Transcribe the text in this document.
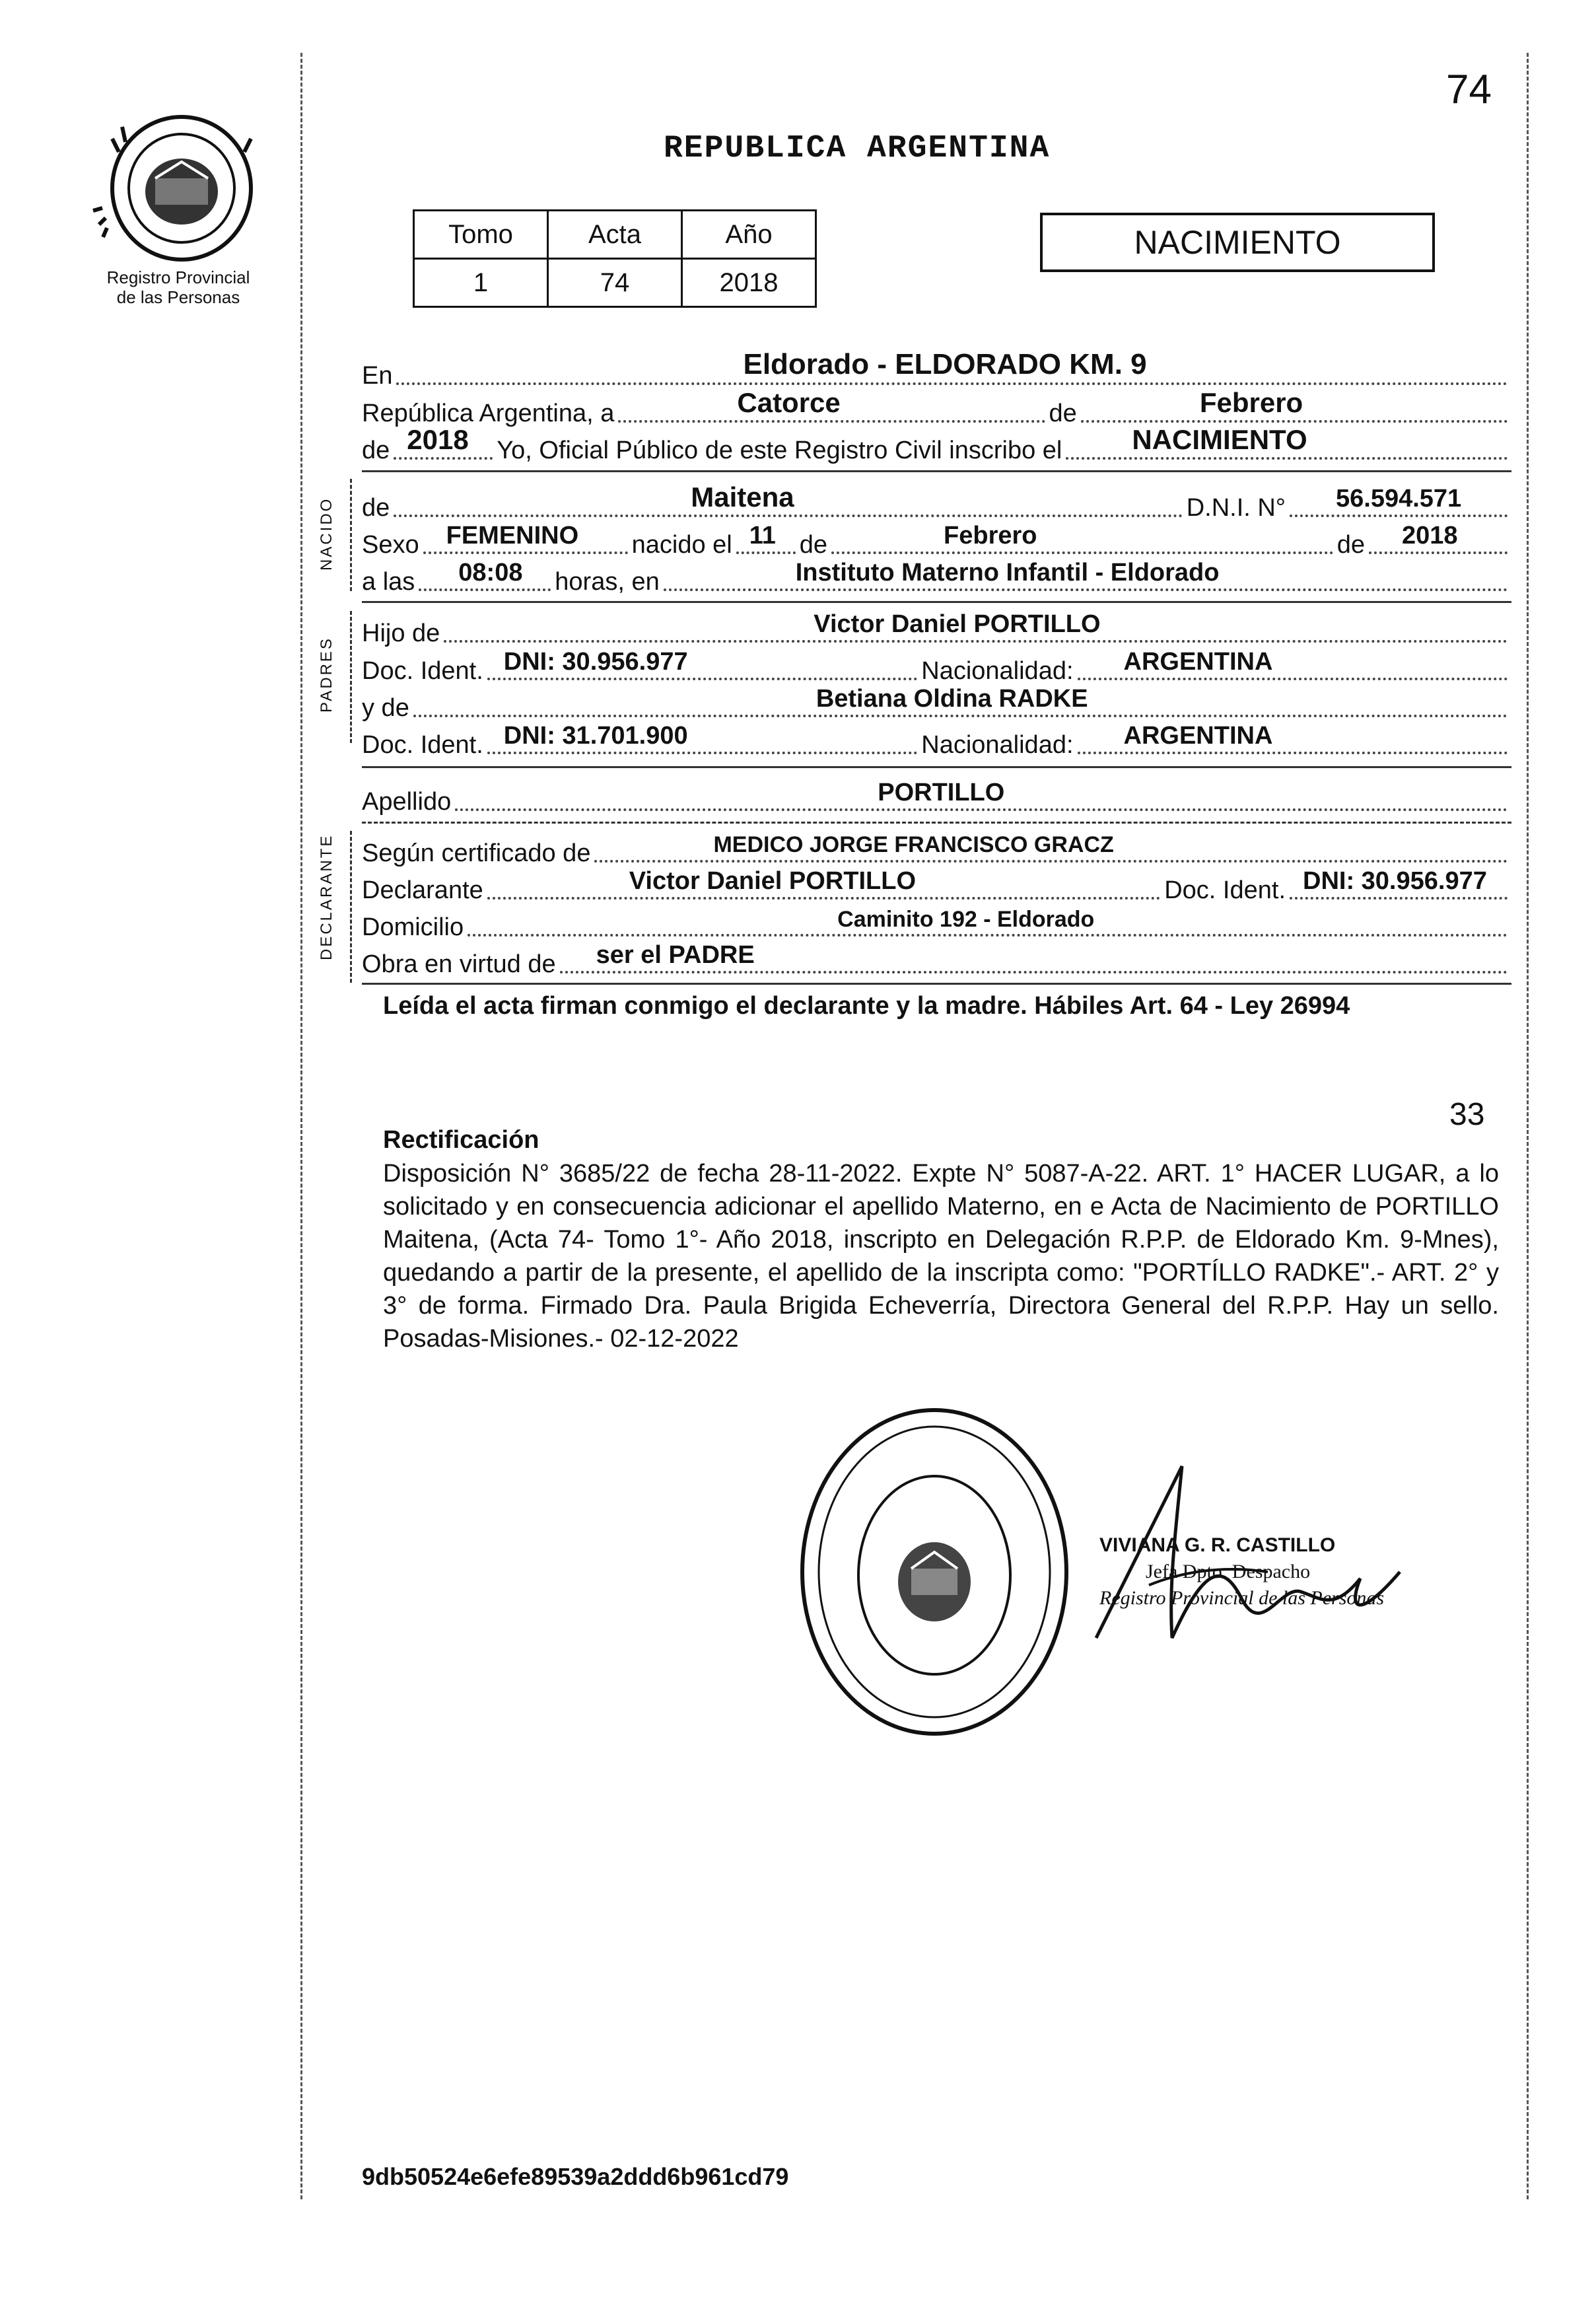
74
Registro Provincial
de las Personas
REPUBLICA ARGENTINA
Tomo	Acta	Año
1	74	2018
NACIMIENTO
En	Eldorado - ELDORADO KM. 9
República Argentina, a	Catorce	de	Febrero
de 2018 Yo, Oficial Público de este Registro Civil inscribo el	NACIMIENTO
NACIDO de	Maitena	D.N.I. N° 56.594.571
Sexo FEMENINO nacido el 11 de	Febrero	de 2018
a las 08:08 horas, en	Instituto Materno Infantil - Eldorado
PADRES
Hijo de	Victor Daniel PORTILLO
Doc. Ident. DNI: 30.956.977	Nacionalidad: ARGENTINA
y de	Betiana Oldina RADKE
Doc. Ident. DNI: 31.701.900	Nacionalidad: ARGENTINA
Apellido	PORTILLO
DECLARANTE Según certificado de	MEDICO JORGE FRANCISCO GRACZ
Declarante	Victor Daniel PORTILLO	Doc. Ident. DNI: 30.956.977
Domicilio	Caminito 192 - Eldorado
Obra en virtud de ser el PADRE
Leída el acta firman conmigo el declarante y la madre. Hábiles Art. 64 - Ley 26994
33
Rectificación
Disposición N° 3685/22 de fecha 28-11-2022. Expte N° 5087-A-22. ART. 1° HACER LUGAR, a lo solicitado y en consecuencia adicionar el apellido Materno, en e Acta de Nacimiento de PORTILLO Maitena, (Acta 74- Tomo 1°- Año 2018, inscripto en Delegación R.P.P. de Eldorado Km. 9-Mnes), quedando a partir de la presente, el apellido de la inscripta como: "PORTÍLLO RADKE".- ART. 2° y 3° de forma. Firmado Dra. Paula Brigida Echeverría, Directora General del R.P.P. Hay un sello. Posadas-Misiones.- 02-12-2022
VIVIANA G. R. CASTILLO
Jefa Dpto. Despacho
Registro Provincial de las Personas
9db50524e6efe89539a2ddd6b961cd79
